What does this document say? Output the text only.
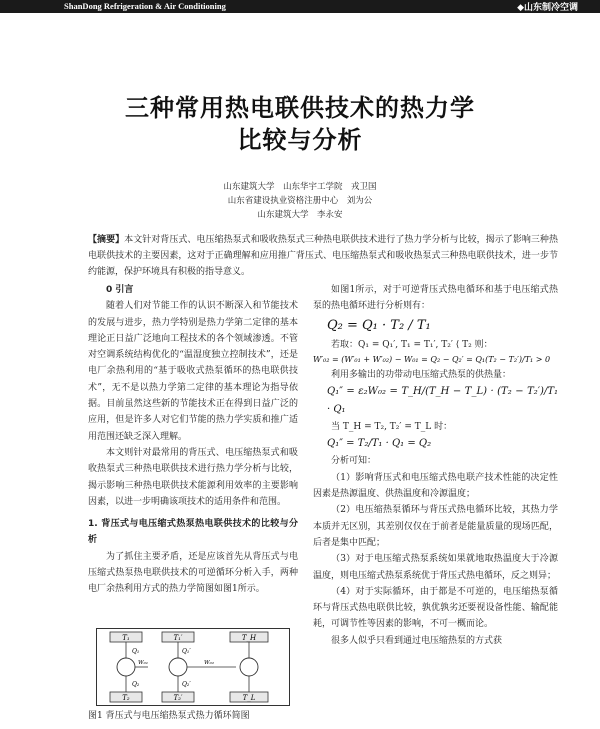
ShanDong Refrigeration & Air Conditioning	◆山东制冷空调
三种常用热电联供技术的热力学
比较与分析
山东建筑大学　山东华宇工学院　戎卫国
山东省建设执业资格注册中心　刘为公
山东建筑大学　李永安
【摘要】本文针对背压式、电压缩热泵式和吸收热泵式三种热电联供技术进行了热力学分析与比较，揭示了影响三种热电联供技术的主要因素，这对于正确理解和应用推广背压式、电压缩热泵式和吸收热泵式三种热电联供技术，进一步节约能源，保护环境具有积极的指导意义。
0 引言

随着人们对节能工作的认识不断深入和节能技术的发展与进步，热力学特别是热力学第二定律的基本理论正日益广泛地向工程技术的各个领域渗透。不管对空调系统结构优化的“温湿度独立控制技术”，还是电厂余热利用的“基于吸收式热泵循环的热电联供技术”，无不是以热力学第二定律的基本理论为指导依据。目前虽然这些新的节能技术正在得到日益广泛的应用，但是许多人对它们节能的热力学实质和推广适用范围还缺乏深入理解。

本文则针对最常用的背压式、电压缩热泵式和吸收热泵式三种热电联供技术进行热力学分析与比较，揭示影响三种热电联供技术能源利用效率的主要影响因素，以进一步明确该项技术的适用条件和范围。

1. 背压式与电压缩式热泵热电联供技术的比较与分析

为了抓住主要矛盾，还是应该首先从背压式与电压缩式热泵热电联供技术的可逆循环分析入手，两种电厂余热利用方式的热力学简图如图1所示。

T₁
T₂
Q₁
Q₂
W₀₁
T₁′
T₂′
Q₁′
Q₂′
W₀₂
T_H
T_L
图1 背压式与电压缩热泵式热力循环简图

如图1所示，对于可逆背压式热电循环和基于电压缩式热泵的热电循环进行分析则有：

Q₂ = Q₁ · T₂ / T₁

若取：Q₁ = Q₁′, T₁ = T₁′, T₂′ ⟨ T₂ 则：

W′₀₂ = (W′₀₁ + W′₀₂) − W₀₁ = Q₂ − Q₂′ = Q₁(T₂ − T₂′)/T₁ > 0

利用多输出的功带动电压缩式热泵的供热量：

Q₁″ = ε₂W₀₂ = T_H/(T_H − T_L) · (T₂ − T₂′)/T₁ · Q₁

当 T_H = T₂, T₂′ = T_L 时：

Q₁″ = T₂/T₁ · Q₁ = Q₂

分析可知：

（1）影响背压式和电压缩式热电联产技术性能的决定性因素是热源温度、供热温度和冷源温度；

（2）电压缩热泵循环与背压式热电循环比较，其热力学本质并无区别，其差别仅仅在于前者是能量质量的现场匹配，后者是集中匹配；

（3）对于电压缩式热泵系统如果就地取热温度大于冷源温度，则电压缩式热泵系统优于背压式热电循环，反之则异；

（4）对于实际循环，由于都是不可逆的，电压缩热泵循环与背压式热电联供比较，孰优孰劣还要视设备性能、输配能耗，可调节性等因素的影响，不可一概而论。

很多人似乎只看到通过电压缩热泵的方式获
